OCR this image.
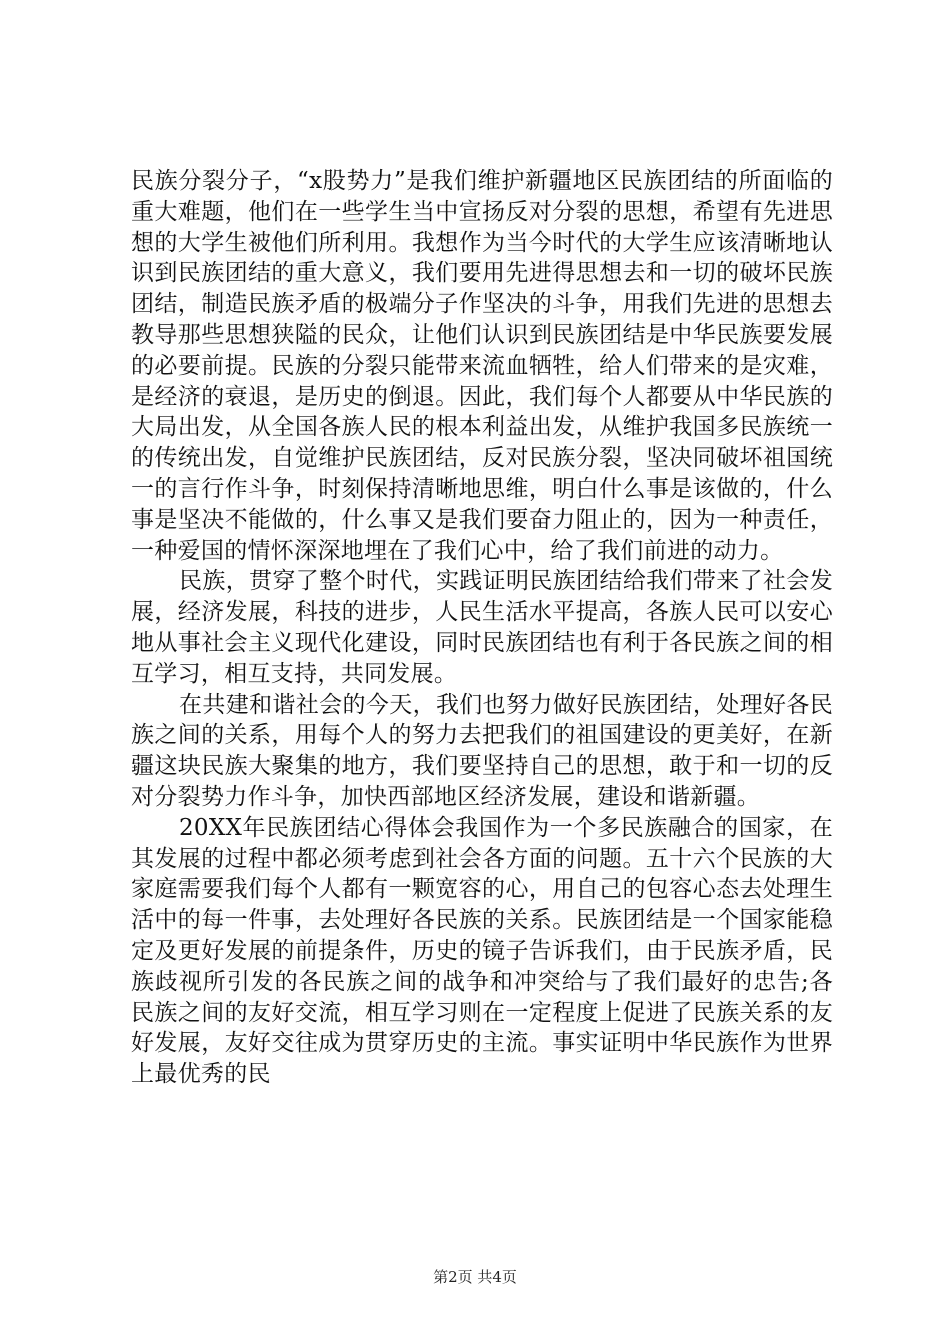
民族分裂分子，“x股势力”是我们维护新疆地区民族团结的所面临的重大难题，他们在一些学生当中宣扬反对分裂的思想，希望有先进思想的大学生被他们所利用。我想作为当今时代的大学生应该清晰地认识到民族团结的重大意义，我们要用先进得思想去和一切的破坏民族团结，制造民族矛盾的极端分子作坚决的斗争，用我们先进的思想去教导那些思想狭隘的民众，让他们认识到民族团结是中华民族要发展的必要前提。民族的分裂只能带来流血牺牲，给人们带来的是灾难，是经济的衰退，是历史的倒退。因此，我们每个人都要从中华民族的大局出发，从全国各族人民的根本利益出发，从维护我国多民族统一的传统出发，自觉维护民族团结，反对民族分裂，坚决同破坏祖国统一的言行作斗争，时刻保持清晰地思维，明白什么事是该做的，什么事是坚决不能做的，什么事又是我们要奋力阻止的，因为一种责任，一种爱国的情怀深深地埋在了我们心中，给了我们前进的动力。

民族，贯穿了整个时代，实践证明民族团结给我们带来了社会发展，经济发展，科技的进步，人民生活水平提高，各族人民可以安心地从事社会主义现代化建设，同时民族团结也有利于各民族之间的相互学习，相互支持，共同发展。

在共建和谐社会的今天，我们也努力做好民族团结，处理好各民族之间的关系，用每个人的努力去把我们的祖国建设的更美好，在新疆这块民族大聚集的地方，我们要坚持自己的思想，敢于和一切的反对分裂势力作斗争，加快西部地区经济发展，建设和谐新疆。

20XX年民族团结心得体会我国作为一个多民族融合的国家，在其发展的过程中都必须考虑到社会各方面的问题。五十六个民族的大家庭需要我们每个人都有一颗宽容的心，用自己的包容心态去处理生活中的每一件事，去处理好各民族的关系。民族团结是一个国家能稳定及更好发展的前提条件，历史的镜子告诉我们，由于民族矛盾，民族歧视所引发的各民族之间的战争和冲突给与了我们最好的忠告;各民族之间的友好交流，相互学习则在一定程度上促进了民族关系的友好发展，友好交往成为贯穿历史的主流。事实证明中华民族作为世界上最优秀的民

第2页 共4页
